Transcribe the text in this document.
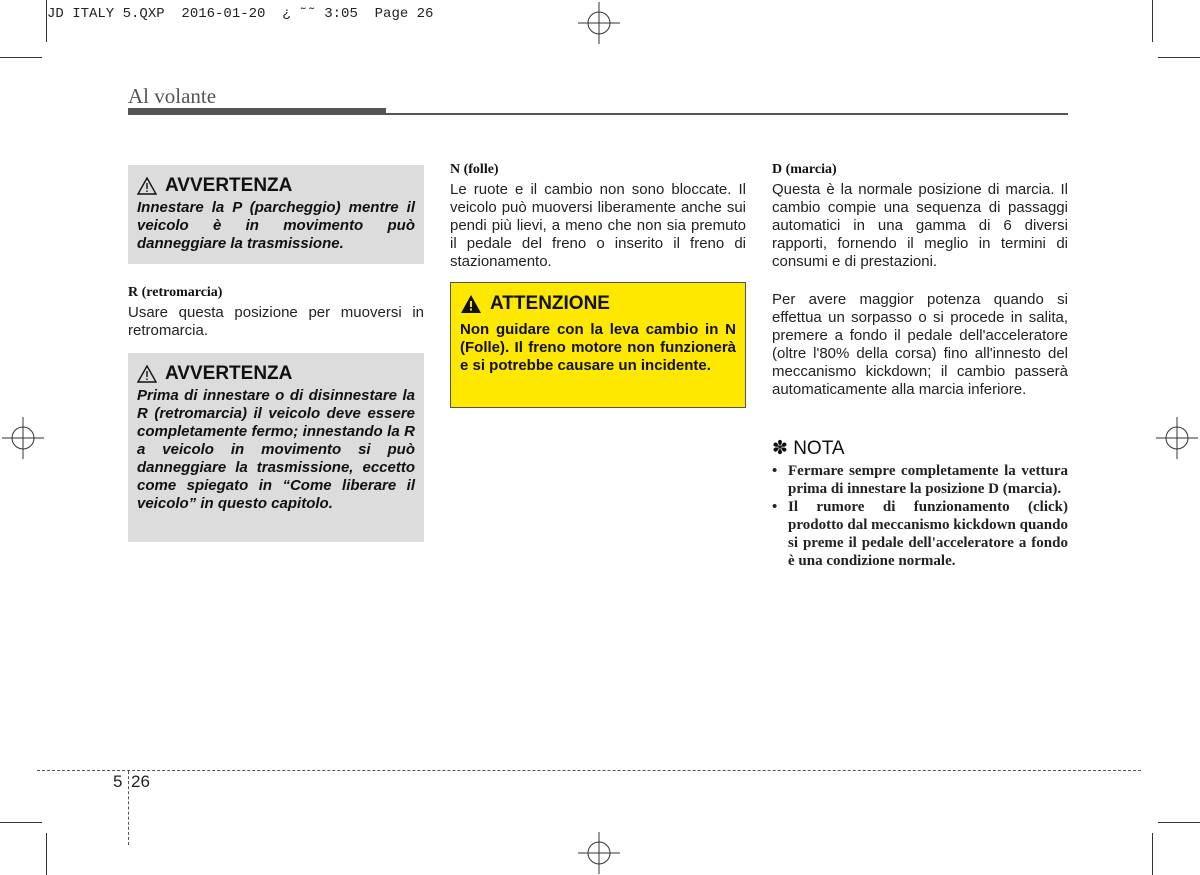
JD ITALY 5.QXP  2016-01-20  ¿ ˜˜ 3:05  Page 26
Al volante
AVVERTENZA
Innestare la P (parcheggio) mentre il veicolo è in movimento può danneggiare la trasmissione.
R (retromarcia)
Usare questa posizione per muoversi in retromarcia.
AVVERTENZA
Prima di innestare o di disinnestare la R (retromarcia) il veicolo deve essere completamente fermo; innestando la R a veicolo in movimento si può danneggiare la trasmissione, eccetto come spiegato in “Come liberare il veicolo” in questo capitolo.
N (folle)
Le ruote e il cambio non sono bloccate. Il veicolo può muoversi liberamente anche sui pendi più lievi, a meno che non sia premuto il pedale del freno o inserito il freno di stazionamento.
ATTENZIONE
Non guidare con la leva cambio in N (Folle). Il freno motore non funzionerà e si potrebbe causare un incidente.
D (marcia)
Questa è la normale posizione di marcia. Il cambio compie una sequenza di passaggi automatici in una gamma di 6 diversi rapporti, fornendo il meglio in termini di consumi e di prestazioni.
Per avere maggior potenza quando si effettua un sorpasso o si procede in salita, premere a fondo il pedale dell'acceleratore (oltre l'80% della corsa) fino all'innesto del meccanismo kickdown; il cambio passerà automaticamente alla marcia inferiore.
✽ NOTA
• Fermare sempre completamente la vettura prima di innestare la posizione D (marcia).
• Il rumore di funzionamento (click) prodotto dal meccanismo kickdown quando si preme il pedale dell'acceleratore a fondo è una condizione normale.
5 26
